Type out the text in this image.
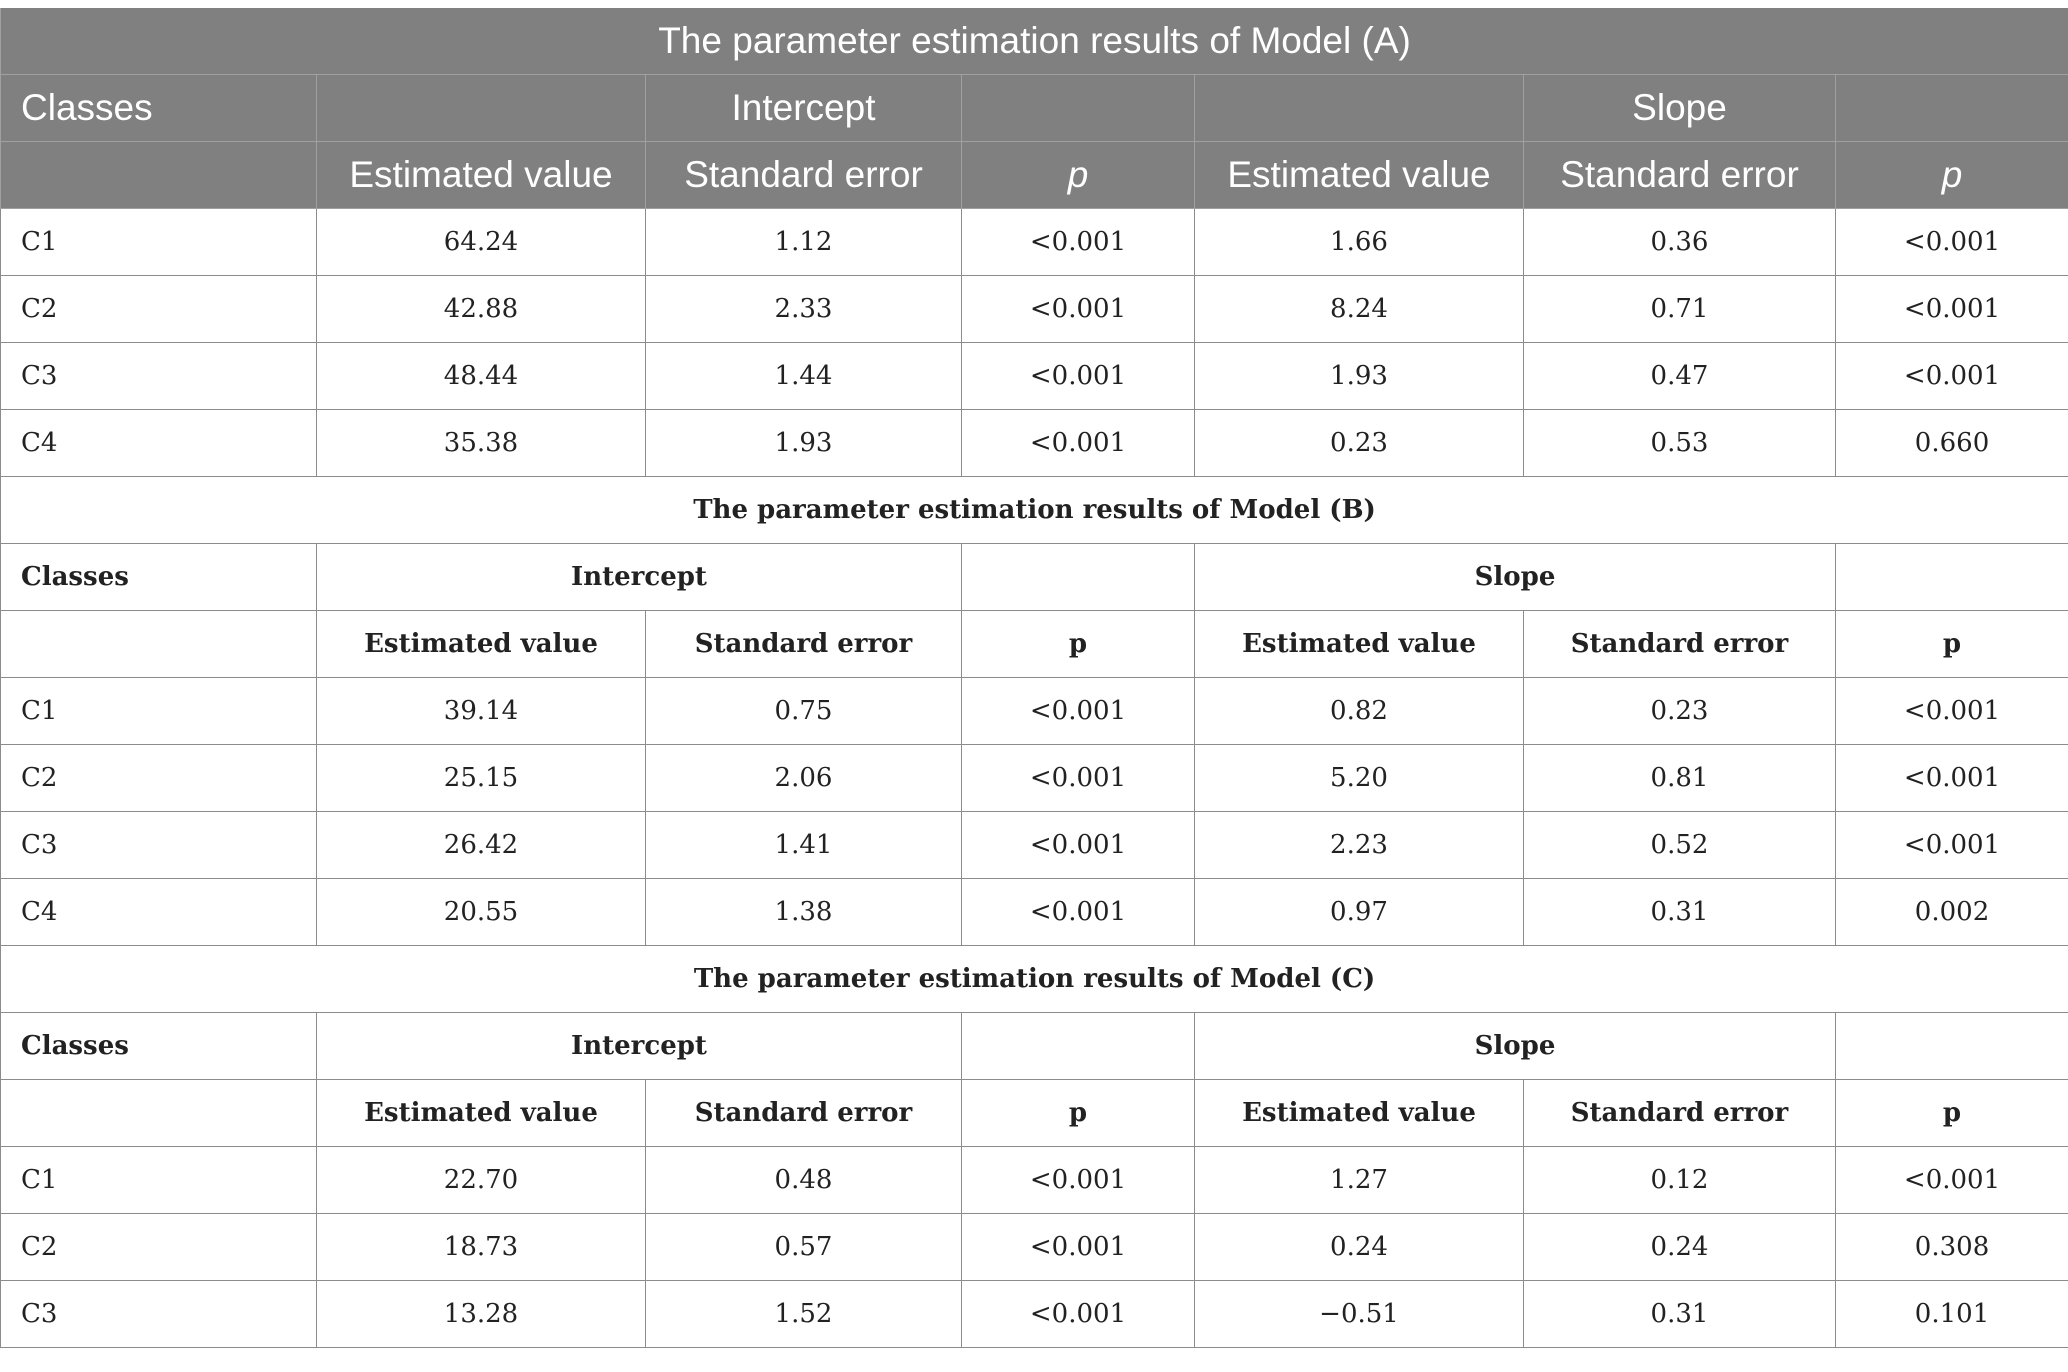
The parameter estimation results of Model (A)						
Classes		Intercept			Slope	
	Estimated value	Standard error	p	Estimated value	Standard error	p
C1	64.24	1.12	<0.001	1.66	0.36	<0.001
C2	42.88	2.33	<0.001	8.24	0.71	<0.001
C3	48.44	1.44	<0.001	1.93	0.47	<0.001
C4	35.38	1.93	<0.001	0.23	0.53	0.660
The parameter estimation results of Model (B)						
Classes	Intercept			Slope		
	Estimated value	Standard error	p	Estimated value	Standard error	p
C1	39.14	0.75	<0.001	0.82	0.23	<0.001
C2	25.15	2.06	<0.001	5.20	0.81	<0.001
C3	26.42	1.41	<0.001	2.23	0.52	<0.001
C4	20.55	1.38	<0.001	0.97	0.31	0.002
The parameter estimation results of Model (C)						
Classes	Intercept			Slope		
	Estimated value	Standard error	p	Estimated value	Standard error	p
C1	22.70	0.48	<0.001	1.27	0.12	<0.001
C2	18.73	0.57	<0.001	0.24	0.24	0.308
C3	13.28	1.52	<0.001	−0.51	0.31	0.101
